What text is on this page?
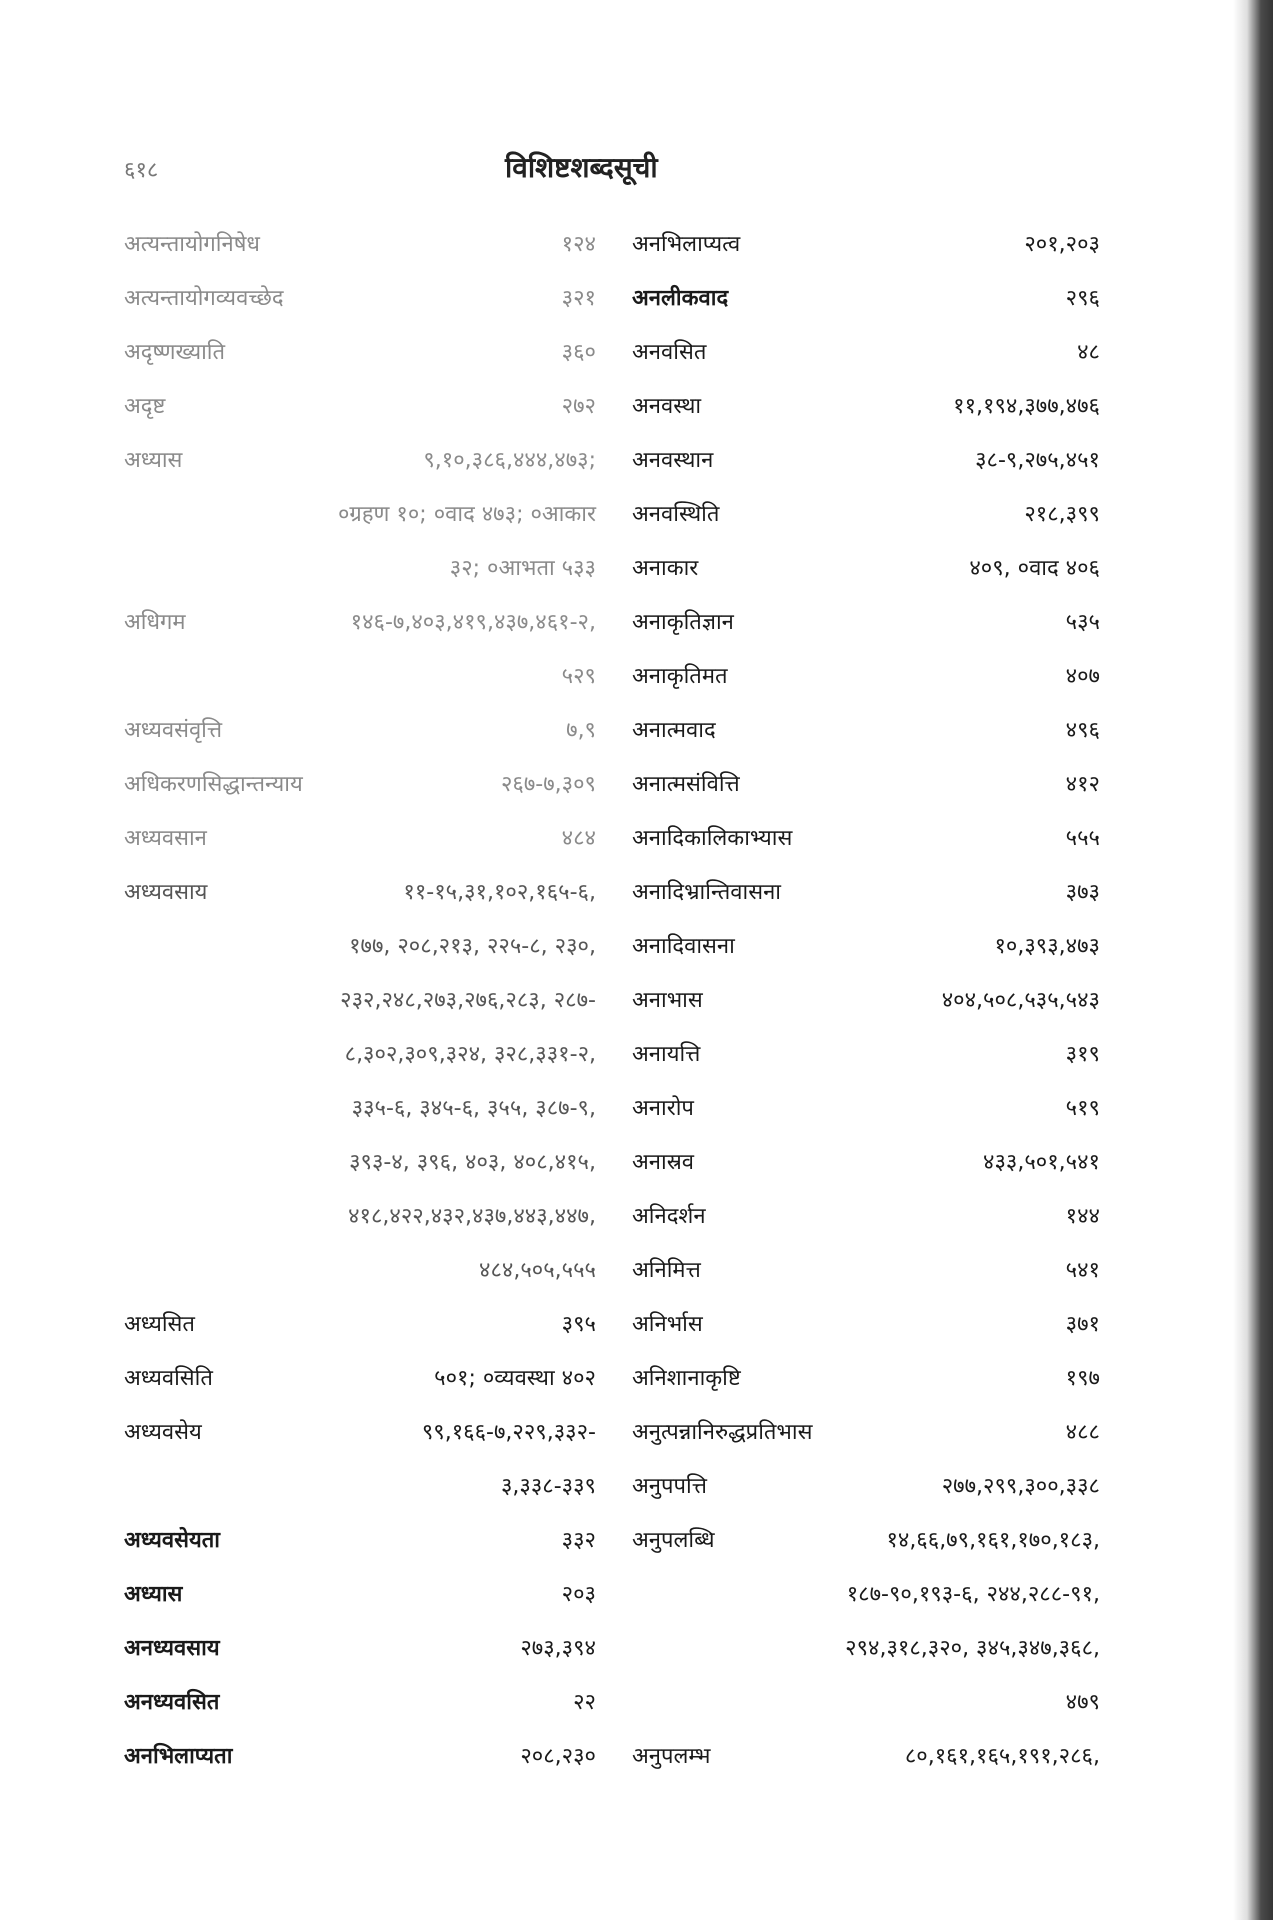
६१८	विशिष्टशब्दसूची
अत्यन्तायोगनिषेध	१२४
अत्यन्तायोगव्यवच्छेद	३२१
अदृष्णख्याति	३६०
अदृष्ट	२७२
अध्यास	९,१०,३८६,४४४,४७३;
०ग्रहण १०; ०वाद ४७३; ०आकार
३२; ०आभता ५३३
अधिगम	१४६-७,४०३,४१९,४३७,४६१-२,
५२९
अध्यवसंवृत्ति	७,९
अधिकरणसिद्धान्तन्याय	२६७-७,३०९
अध्यवसान	४८४
अध्यवसाय	११-१५,३१,१०२,१६५-६,
१७७, २०८,२१३, २२५-८, २३०,
२३२,२४८,२७३,२७६,२८३, २८७-
८,३०२,३०९,३२४, ३२८,३३१-२,
३३५-६, ३४५-६, ३५५, ३८७-९,
३९३-४, ३९६, ४०३, ४०८,४१५,
४१८,४२२,४३२,४३७,४४३,४४७,
४८४,५०५,५५५
अध्यसित	३९५
अध्यवसिति	५०१; ०व्यवस्था ४०२
अध्यवसेय	९९,१६६-७,२२९,३३२-
३,३३८-३३९
अध्यवसेयता	३३२
अध्यास	२०३
अनध्यवसाय	२७३,३९४
अनध्यवसित	२२
अनभिलाप्यता	२०८,२३०
अनभिलाप्यत्व	२०१,२०३
अनलीकवाद	२९६
अनवसित	४८
अनवस्था	११,१९४,३७७,४७६
अनवस्थान	३८-९,२७५,४५१
अनवस्थिति	२१८,३९९
अनाकार	४०९, ०वाद ४०६
अनाकृतिज्ञान	५३५
अनाकृतिमत	४०७
अनात्मवाद	४९६
अनात्मसंवित्ति	४१२
अनादिकालिकाभ्यास	५५५
अनादिभ्रान्तिवासना	३७३
अनादिवासना	१०,३९३,४७३
अनाभास	४०४,५०८,५३५,५४३
अनायत्ति	३१९
अनारोप	५१९
अनास्रव	४३३,५०१,५४१
अनिदर्शन	१४४
अनिमित्त	५४१
अनिर्भास	३७१
अनिशानाकृष्टि	१९७
अनुत्पन्नानिरुद्धप्रतिभास	४८८
अनुपपत्ति	२७७,२९९,३००,३३८
अनुपलब्धि	१४,६६,७९,१६१,१७०,१८३,
१८७-९०,१९३-६, २४४,२८८-९१,
२९४,३१८,३२०, ३४५,३४७,३६८,
४७९
अनुपलम्भ	८०,१६१,१६५,१९१,२८६,
